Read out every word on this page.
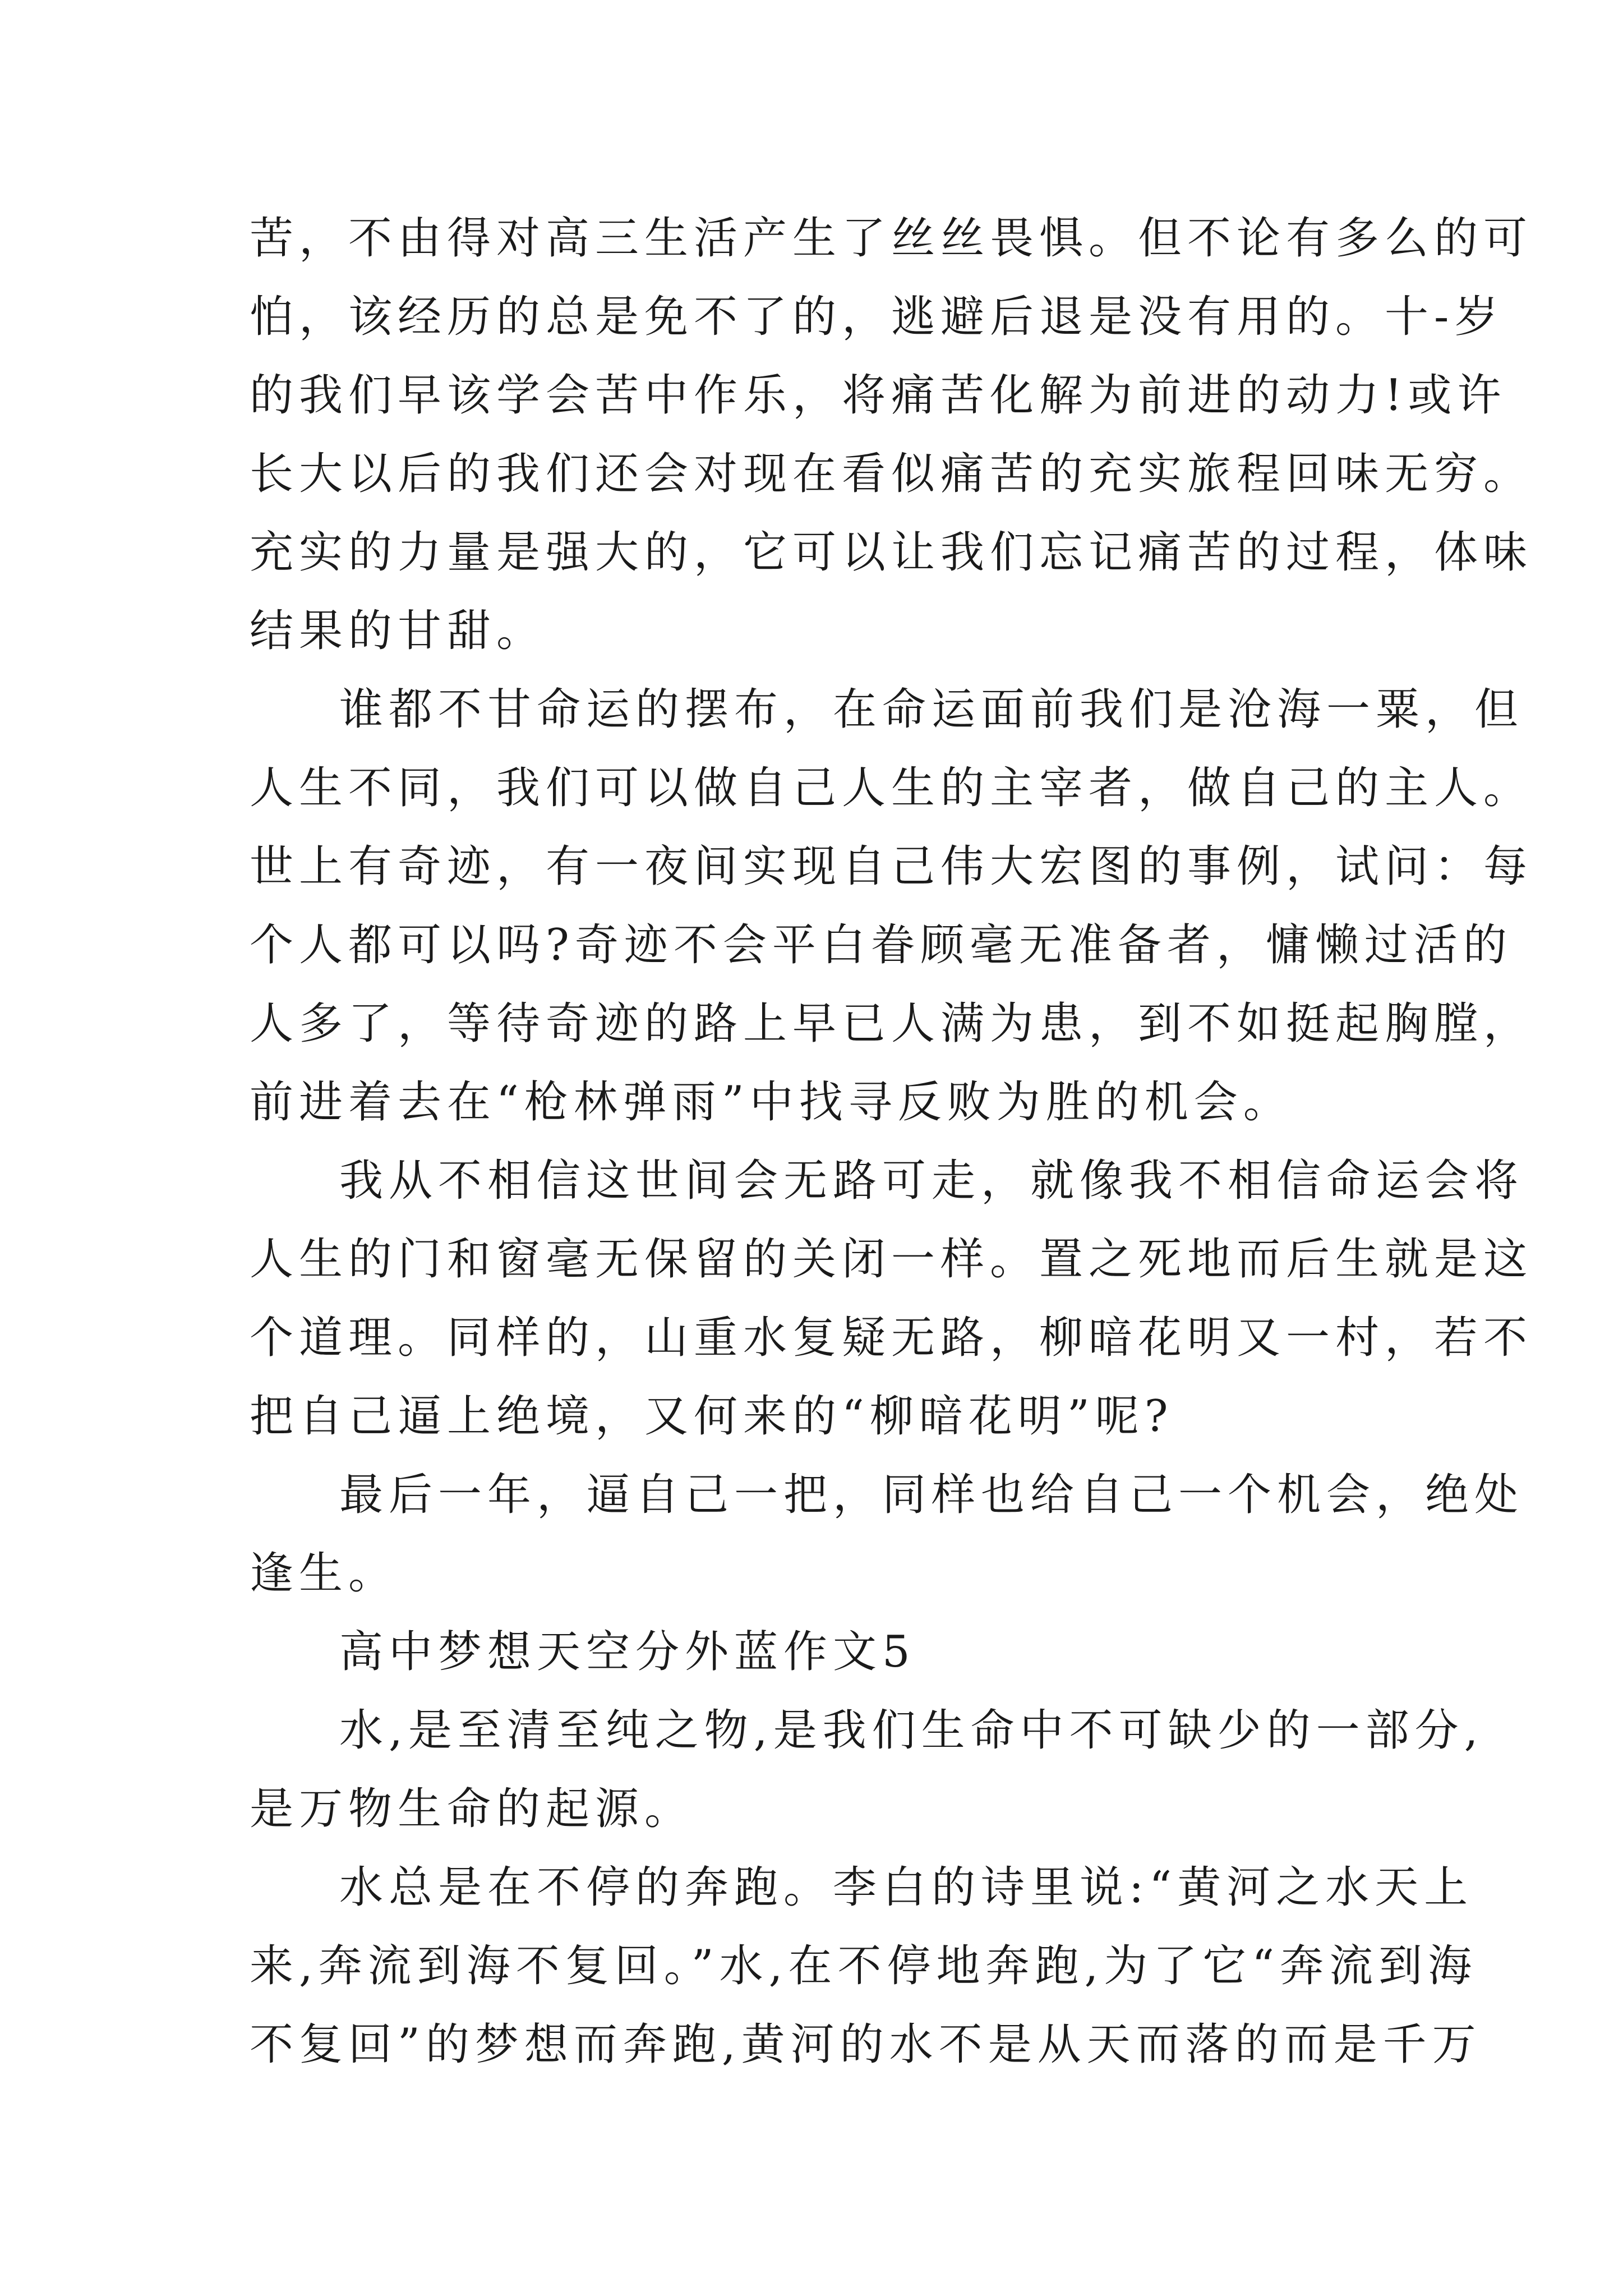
苦，不由得对高三生活产生了丝丝畏惧。但不论有多么的可
怕，该经历的总是免不了的，逃避后退是没有用的。十-岁
的我们早该学会苦中作乐，将痛苦化解为前进的动力!或许
长大以后的我们还会对现在看似痛苦的充实旅程回味无穷。
充实的力量是强大的，它可以让我们忘记痛苦的过程，体味
结果的甘甜。

谁都不甘命运的摆布，在命运面前我们是沧海一粟，但
人生不同，我们可以做自己人生的主宰者，做自己的主人。
世上有奇迹，有一夜间实现自己伟大宏图的事例，试问：每
个人都可以吗?奇迹不会平白眷顾毫无准备者，慵懒过活的
人多了，等待奇迹的路上早已人满为患，到不如挺起胸膛，
前进着去在“枪林弹雨”中找寻反败为胜的机会。

我从不相信这世间会无路可走，就像我不相信命运会将
人生的门和窗毫无保留的关闭一样。置之死地而后生就是这
个道理。同样的，山重水复疑无路，柳暗花明又一村，若不
把自己逼上绝境，又何来的“柳暗花明”呢?

最后一年，逼自己一把，同样也给自己一个机会，绝处
逢生。

高中梦想天空分外蓝作文5

水,是至清至纯之物,是我们生命中不可缺少的一部分,
是万物生命的起源。

水总是在不停的奔跑。李白的诗里说:“黄河之水天上
来,奔流到海不复回。”水,在不停地奔跑,为了它“奔流到海
不复回”的梦想而奔跑,黄河的水不是从天而落的而是千万
